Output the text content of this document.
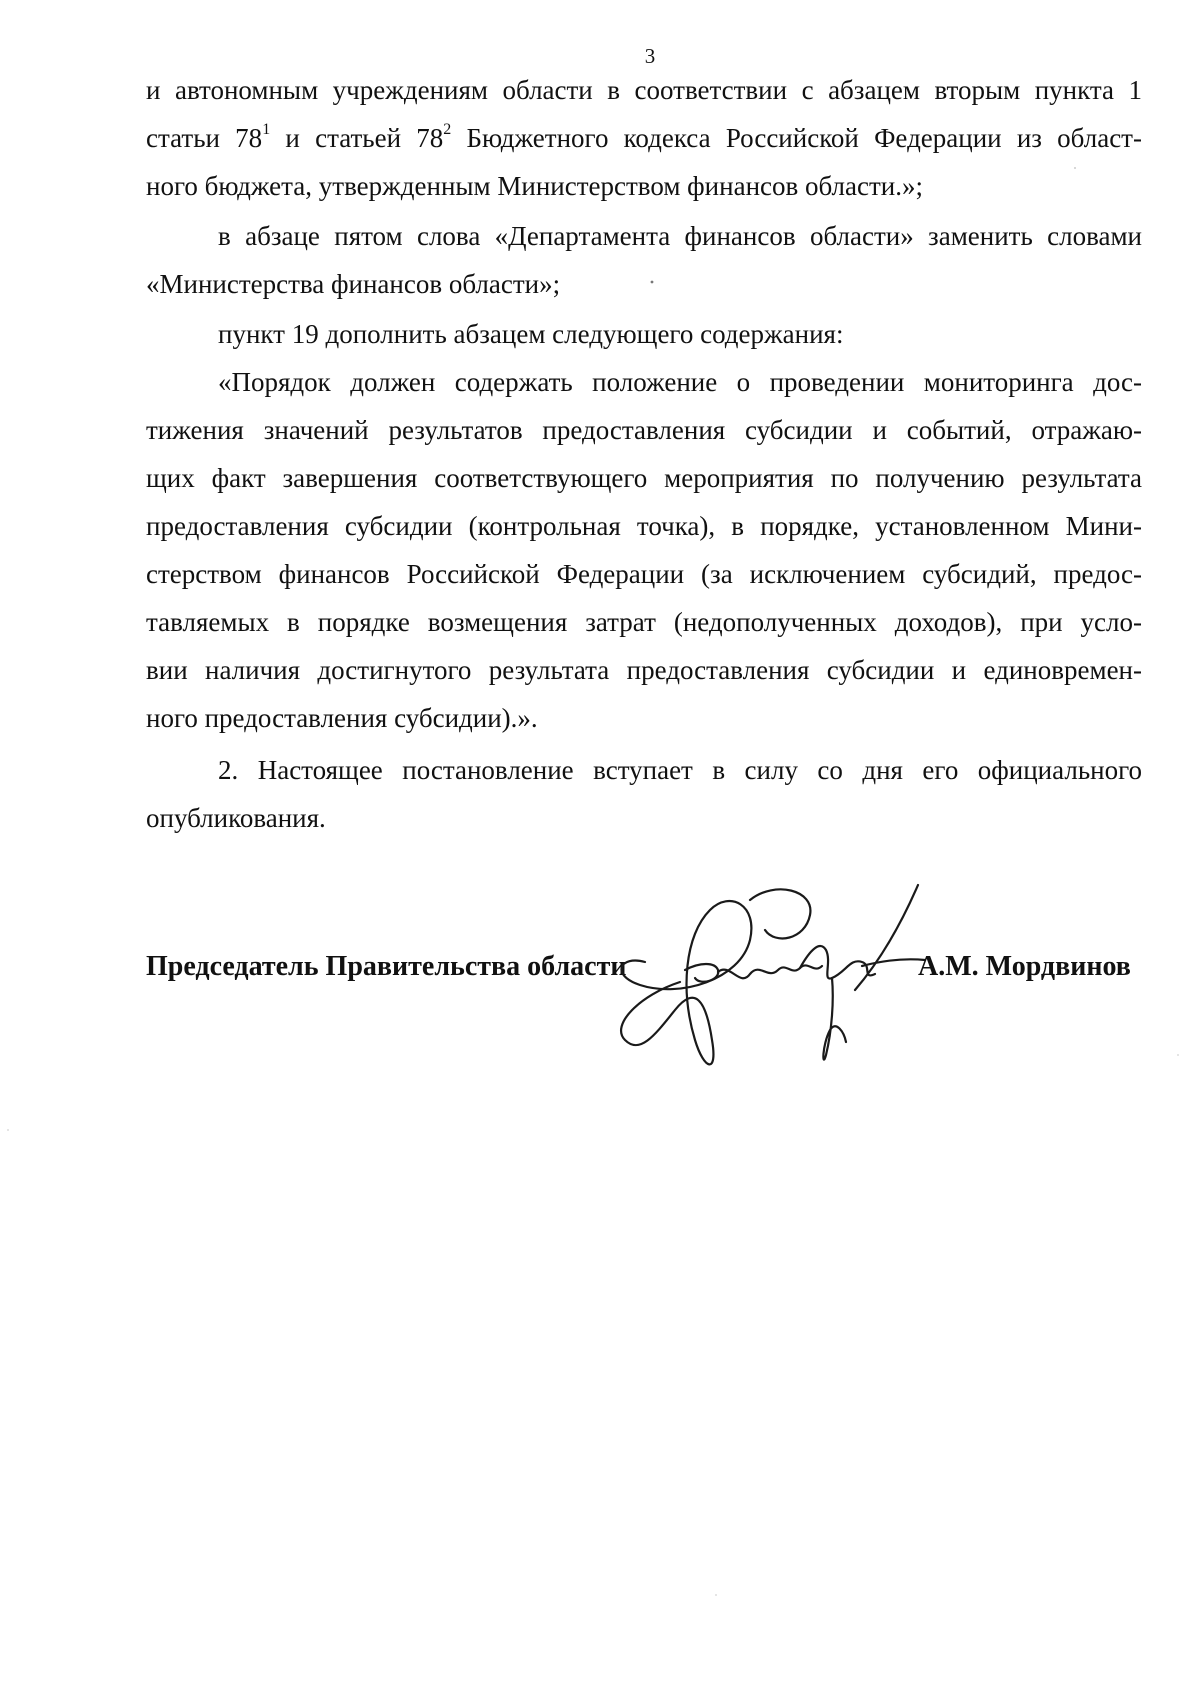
3
и автономным учреждениям области в соответствии с абзацем вторым пункта 1
статьи $78^1$ и статьей $78^2$ Бюджетного кодекса Российской Федерации из област-
ного бюджета, утвержденным Министерством финансов области.»;
в абзаце пятом слова «Департамента финансов области» заменить словами
«Министерства финансов области»;
пункт 19 дополнить абзацем следующего содержания:
«Порядок должен содержать положение о проведении мониторинга дос-
тижения значений результатов предоставления субсидии и событий, отражаю-
щих факт завершения соответствующего мероприятия по получению результата
предоставления субсидии (контрольная точка), в порядке, установленном Мини-
стерством финансов Российской Федерации (за исключением субсидий, предос-
тавляемых в порядке возмещения затрат (недополученных доходов), при усло-
вии наличия достигнутого результата предоставления субсидии и единовремен-
ного предоставления субсидии).».
2. Настоящее постановление вступает в силу со дня его официального
опубликования.
Председатель Правительства области	А.М. Мордвинов
